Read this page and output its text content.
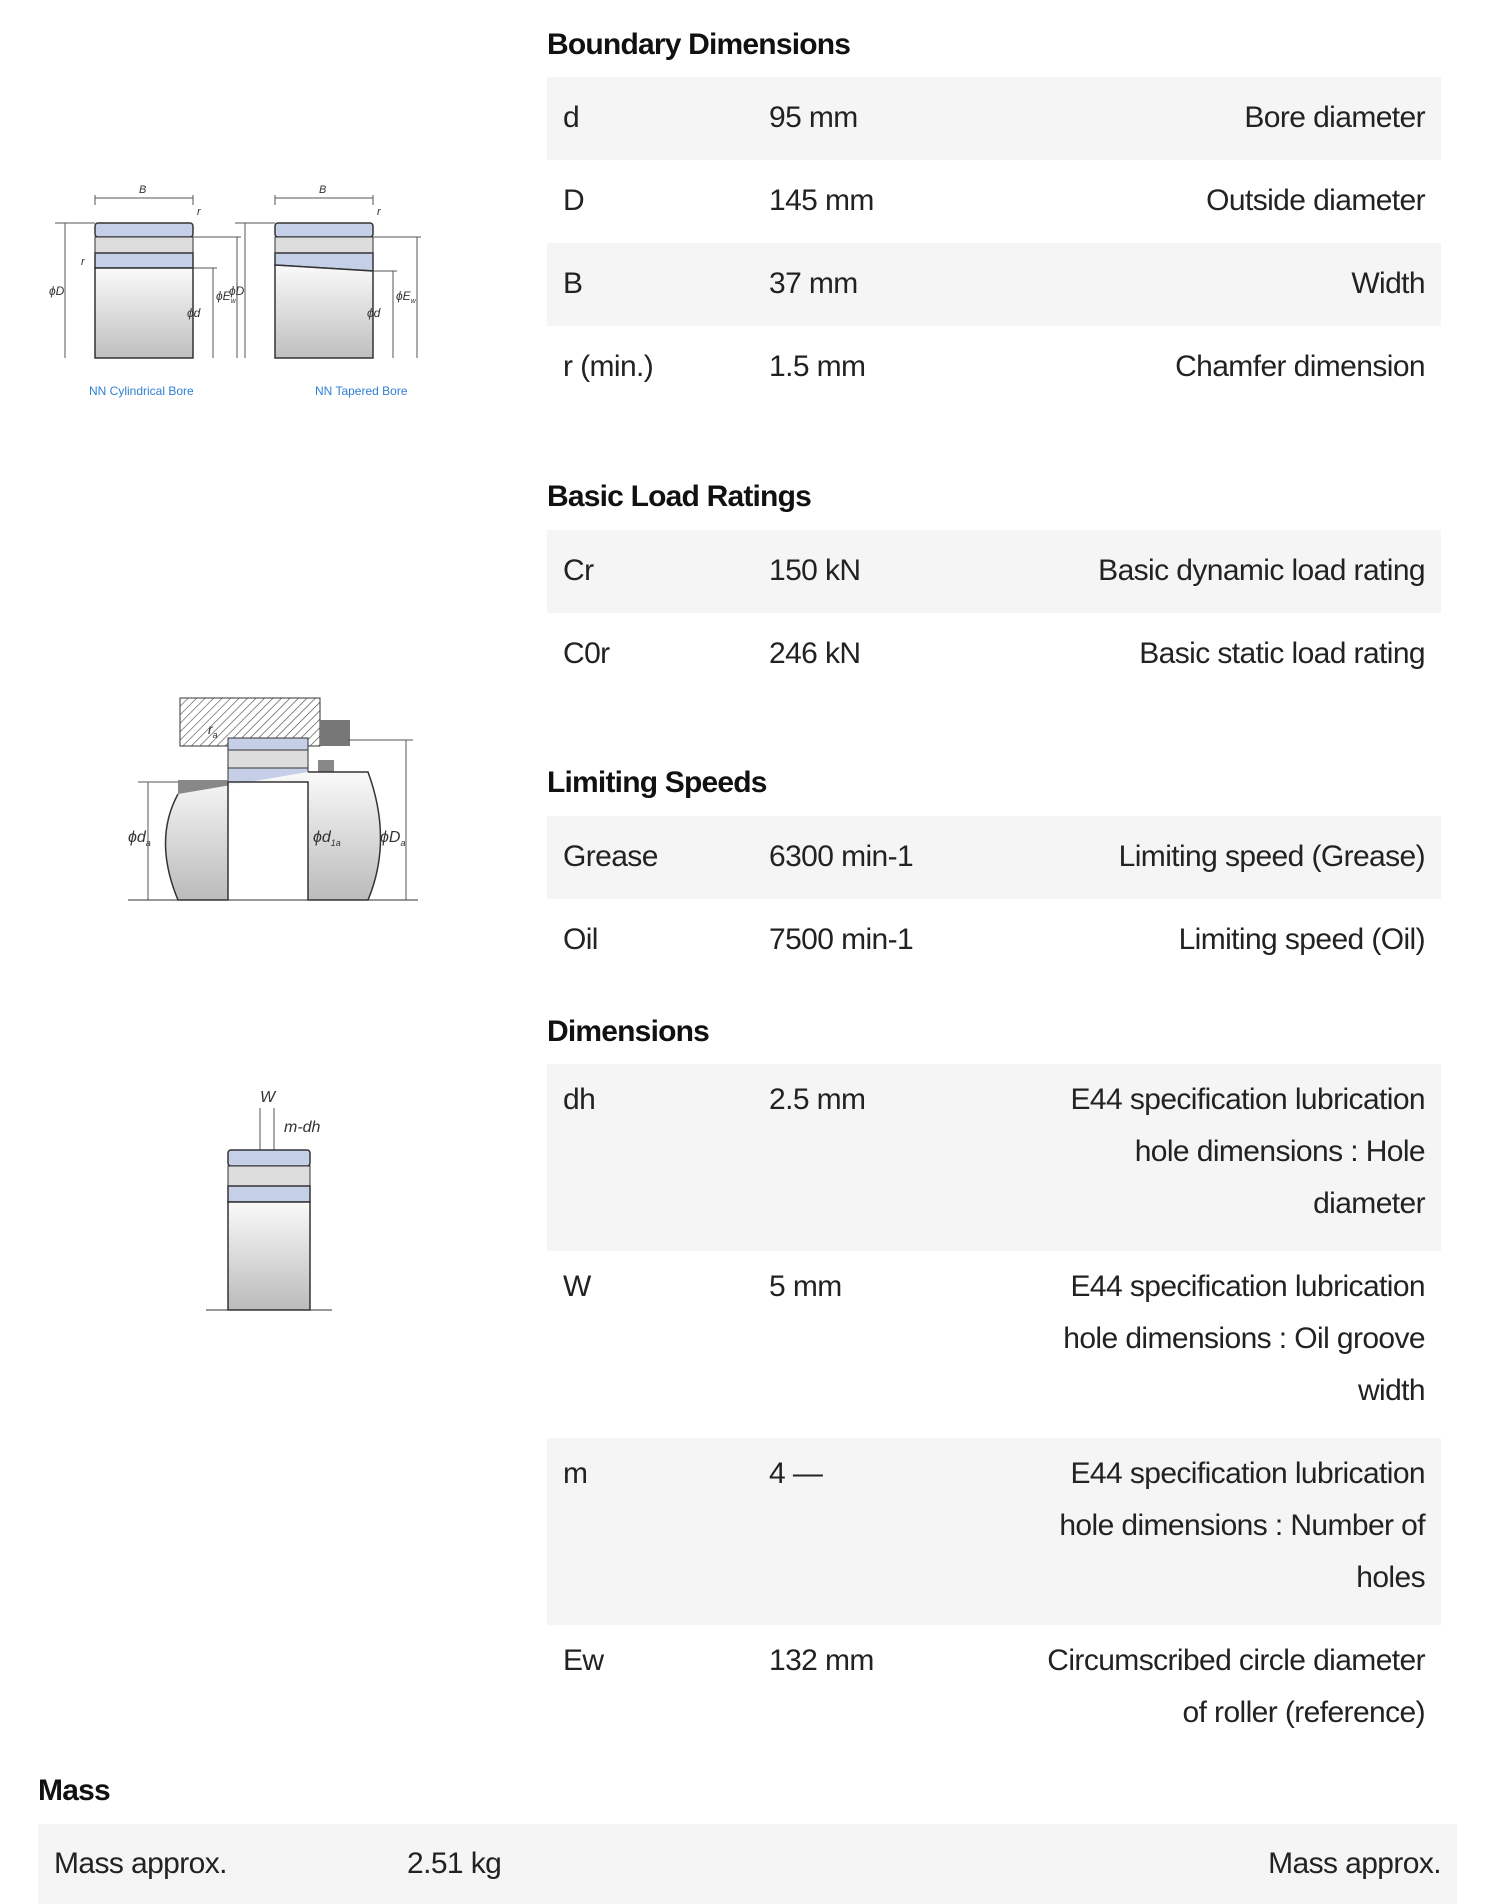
B
r
ϕD
r
ϕd
$\phi E_w$
B
r
ϕD
ϕd
$\phi E_w$
NN Cylindrical Bore	NN Tapered Bore
$r_a$
$\phi d_a$	$\phi d_{1a}$ $\phi D_a$
W
m-dh
Boundary Dimensions
d	95 mm	Bore diameter
D	145 mm	Outside diameter
B	37 mm	Width
r (min.)	1.5 mm	Chamfer dimension
Basic Load Ratings
Cr	150 kN	Basic dynamic load rating
C0r	246 kN	Basic static load rating
Limiting Speeds
Grease	6300 min-1	Limiting speed (Grease)
Oil	7500 min-1	Limiting speed (Oil)
Dimensions
dh	2.5 mm	E44 specification lubrication hole dimensions : Hole diameter
W	5 mm	E44 specification lubrication hole dimensions : Oil groove width
m	4 —	E44 specification lubrication hole dimensions : Number of holes
Ew	132 mm	Circumscribed circle diameter of roller (reference)
Mass
Mass approx.	2.51 kg	Mass approx.
